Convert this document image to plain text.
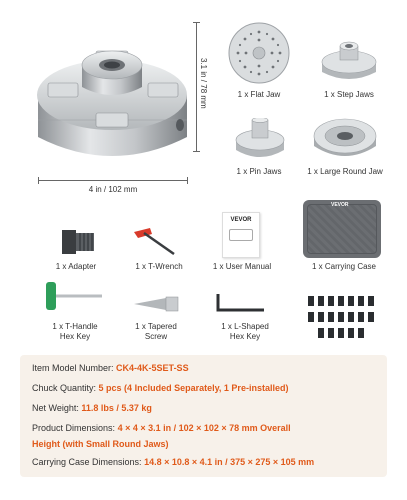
3.1 in / 78 mm
4 in / 102 mm
1 x Flat Jaw	1 x Step Jaws
1 x Pin Jaws	1 x Large Round Jaw
1 x Adapter	1 x T-Wrench
VEVOR
1 x User Manual
VEVOR
1 x Carrying Case
1 x T-Handle
Hex Key
1 x Tapered
Screw
1 x L-Shaped
Hex Key
Item Model Number: CK4-4K-5SET-SS
Chuck Quantity: 5 pcs (4 Included Separately, 1 Pre-installed)
Net Weight: 11.8 lbs / 5.37 kg
Product Dimensions: 4 × 4 × 3.1 in / 102 × 102 × 78 mm Overall
Height (with Small Round Jaws)
Carrying Case Dimensions: 14.8 × 10.8 × 4.1 in / 375 × 275 × 105 mm
